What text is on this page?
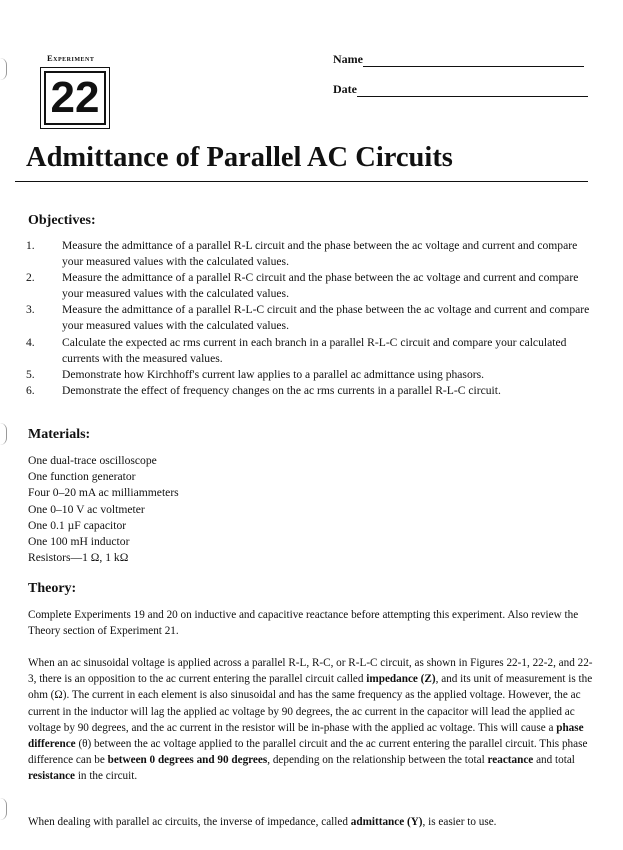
Experiment
22
Name
Date
Admittance of Parallel AC Circuits
Objectives:
1.	Measure the admittance of a parallel R-L circuit and the phase between the ac voltage and current and compare your measured values with the calculated values.
2.	Measure the admittance of a parallel R-C circuit and the phase between the ac voltage and current and compare your measured values with the calculated values.
3.	Measure the admittance of a parallel R-L-C circuit and the phase between the ac voltage and current and compare your measured values with the calculated values.
4.	Calculate the expected ac rms current in each branch in a parallel R-L-C circuit and compare your calculated currents with the measured values.
5.	Demonstrate how Kirchhoff's current law applies to a parallel ac admittance using phasors.
6.	Demonstrate the effect of frequency changes on the ac rms currents in a parallel R-L-C circuit.
Materials:
One dual-trace oscilloscope
One function generator
Four 0–20 mA ac milliammeters
One 0–10 V ac voltmeter
One 0.1 µF capacitor
One 100 mH inductor
Resistors—1 Ω, 1 kΩ
Theory:

Complete Experiments 19 and 20 on inductive and capacitive reactance before attempting this experiment. Also review the Theory section of Experiment 21.

When an ac sinusoidal voltage is applied across a parallel R-L, R-C, or R-L-C circuit, as shown in Figures 22-1, 22-2, and 22-3, there is an opposition to the ac current entering the parallel circuit called impedance (Z), and its unit of measurement is the ohm (Ω). The current in each element is also sinusoidal and has the same frequency as the applied voltage. However, the ac current in the inductor will lag the applied ac voltage by 90 degrees, the ac current in the capacitor will lead the applied ac voltage by 90 degrees, and the ac current in the resistor will be in-phase with the applied ac voltage. This will cause a phase difference (θ) between the ac voltage applied to the parallel circuit and the ac current entering the parallel circuit. This phase difference can be between 0 degrees and 90 degrees, depending on the relationship between the total reactance and total resistance in the circuit.

When dealing with parallel ac circuits, the inverse of impedance, called admittance (Y), is easier to use.
